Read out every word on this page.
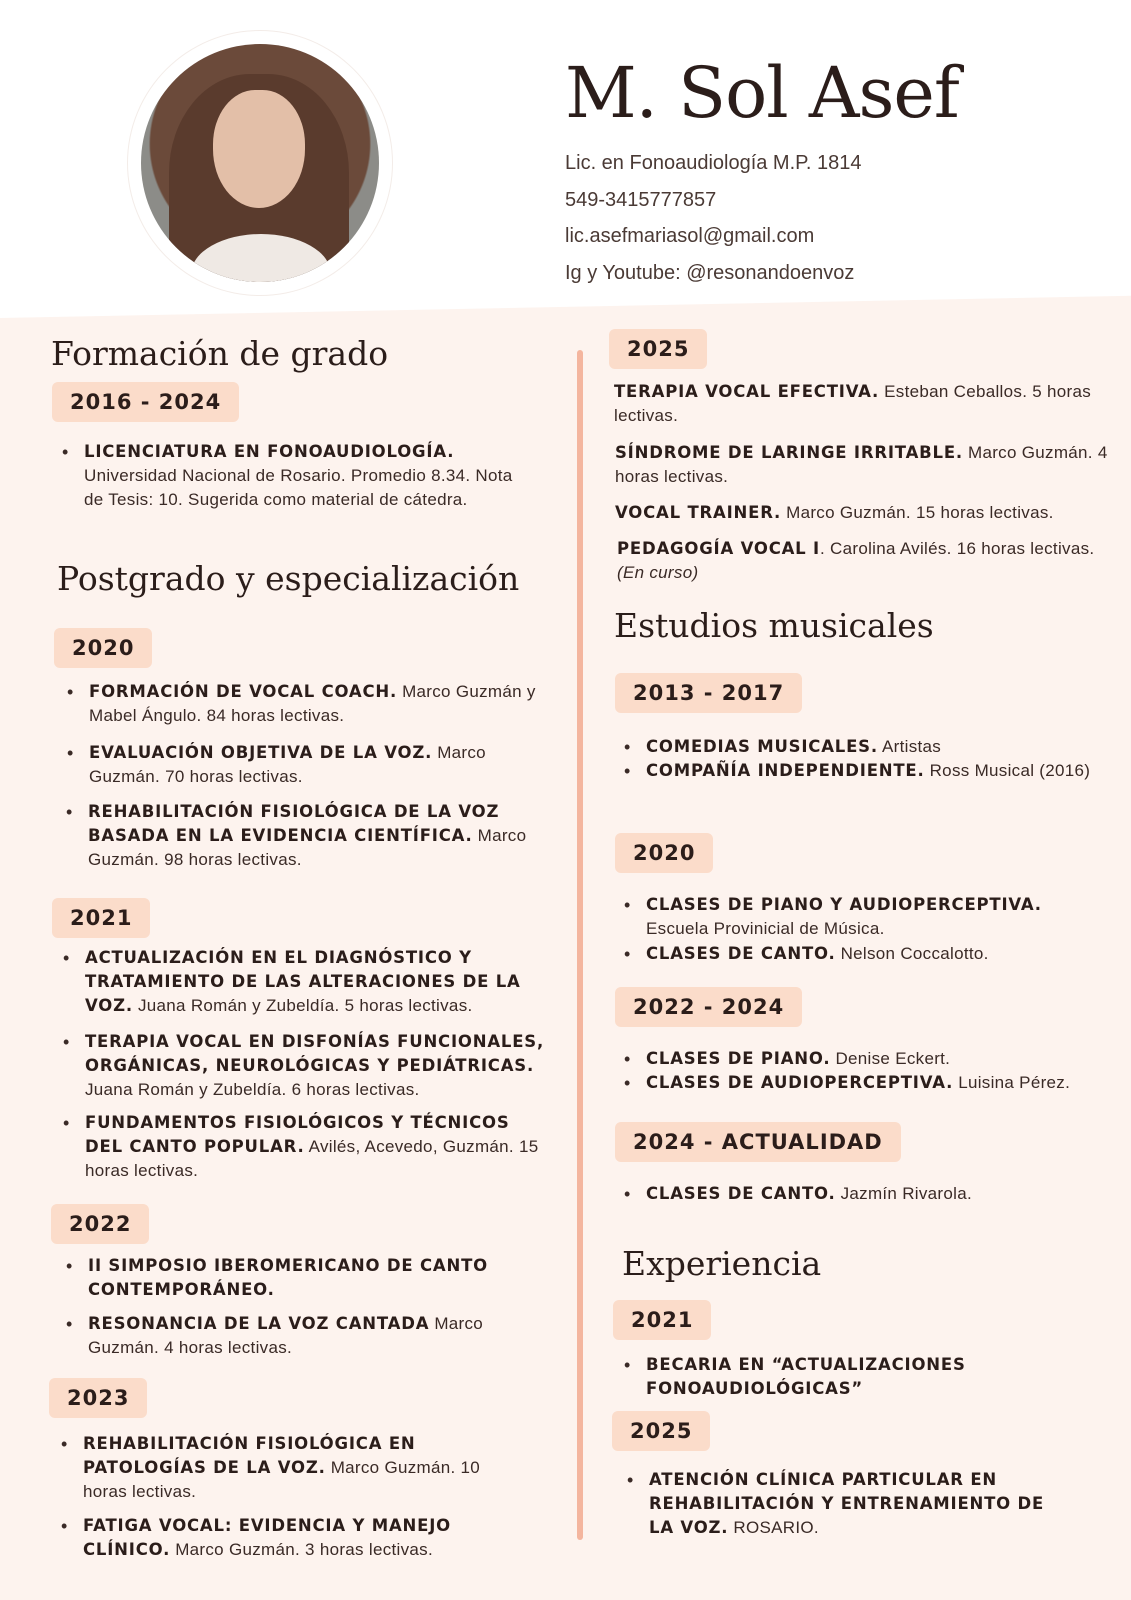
M. Sol Asef
Lic. en Fonoaudiología M.P. 1814
549-3415777857
lic.asefmariasol@gmail.com
Ig y Youtube: @resonandoenvoz
Formación de grado
2016 - 2024
• LICENCIATURA EN FONOAUDIOLOGÍA. Universidad Nacional de Rosario. Promedio 8.34. Nota de Tesis: 10. Sugerida como material de cátedra.
Postgrado y especialización
2020
• FORMACIÓN DE VOCAL COACH. Marco Guzmán y Mabel Ángulo. 84 horas lectivas.
• EVALUACIÓN OBJETIVA DE LA VOZ. Marco Guzmán. 70 horas lectivas.
• REHABILITACIÓN FISIOLÓGICA DE LA VOZ BASADA EN LA EVIDENCIA CIENTÍFICA. Marco Guzmán. 98 horas lectivas.
2021
• ACTUALIZACIÓN EN EL DIAGNÓSTICO Y TRATAMIENTO DE LAS ALTERACIONES DE LA VOZ. Juana Román y Zubeldía. 5 horas lectivas.
• TERAPIA VOCAL EN DISFONÍAS FUNCIONALES, ORGÁNICAS, NEUROLÓGICAS Y PEDIÁTRICAS. Juana Román y Zubeldía. 6 horas lectivas.
• FUNDAMENTOS FISIOLÓGICOS Y TÉCNICOS DEL CANTO POPULAR. Avilés, Acevedo, Guzmán. 15 horas lectivas.
2022
• II SIMPOSIO IBEROMERICANO DE CANTO CONTEMPORÁNEO.
• RESONANCIA DE LA VOZ CANTADA Marco Guzmán. 4 horas lectivas.
2023
• REHABILITACIÓN FISIOLÓGICA EN PATOLOGÍAS DE LA VOZ. Marco Guzmán. 10 horas lectivas.
• FATIGA VOCAL: EVIDENCIA Y MANEJO CLÍNICO. Marco Guzmán. 3 horas lectivas.
2025
TERAPIA VOCAL EFECTIVA. Esteban Ceballos. 5 horas lectivas.
SÍNDROME DE LARINGE IRRITABLE. Marco Guzmán. 4 horas lectivas.
VOCAL TRAINER. Marco Guzmán. 15 horas lectivas.
PEDAGOGÍA VOCAL I. Carolina Avilés. 16 horas lectivas. (En curso)
Estudios musicales
2013 - 2017
• COMEDIAS MUSICALES. Artistas
• COMPAÑÍA INDEPENDIENTE. Ross Musical (2016)
2020
• CLASES DE PIANO Y AUDIOPERCEPTIVA. Escuela Provinicial de Música.
• CLASES DE CANTO. Nelson Coccalotto.
2022 - 2024
• CLASES DE PIANO. Denise Eckert.
• CLASES DE AUDIOPERCEPTIVA. Luisina Pérez.
2024 - ACTUALIDAD
• CLASES DE CANTO. Jazmín Rivarola.
Experiencia
2021
• BECARIA EN “ACTUALIZACIONES FONOAUDIOLÓGICAS”
2025
• ATENCIÓN CLÍNICA PARTICULAR EN REHABILITACIÓN Y ENTRENAMIENTO DE LA VOZ. ROSARIO.
